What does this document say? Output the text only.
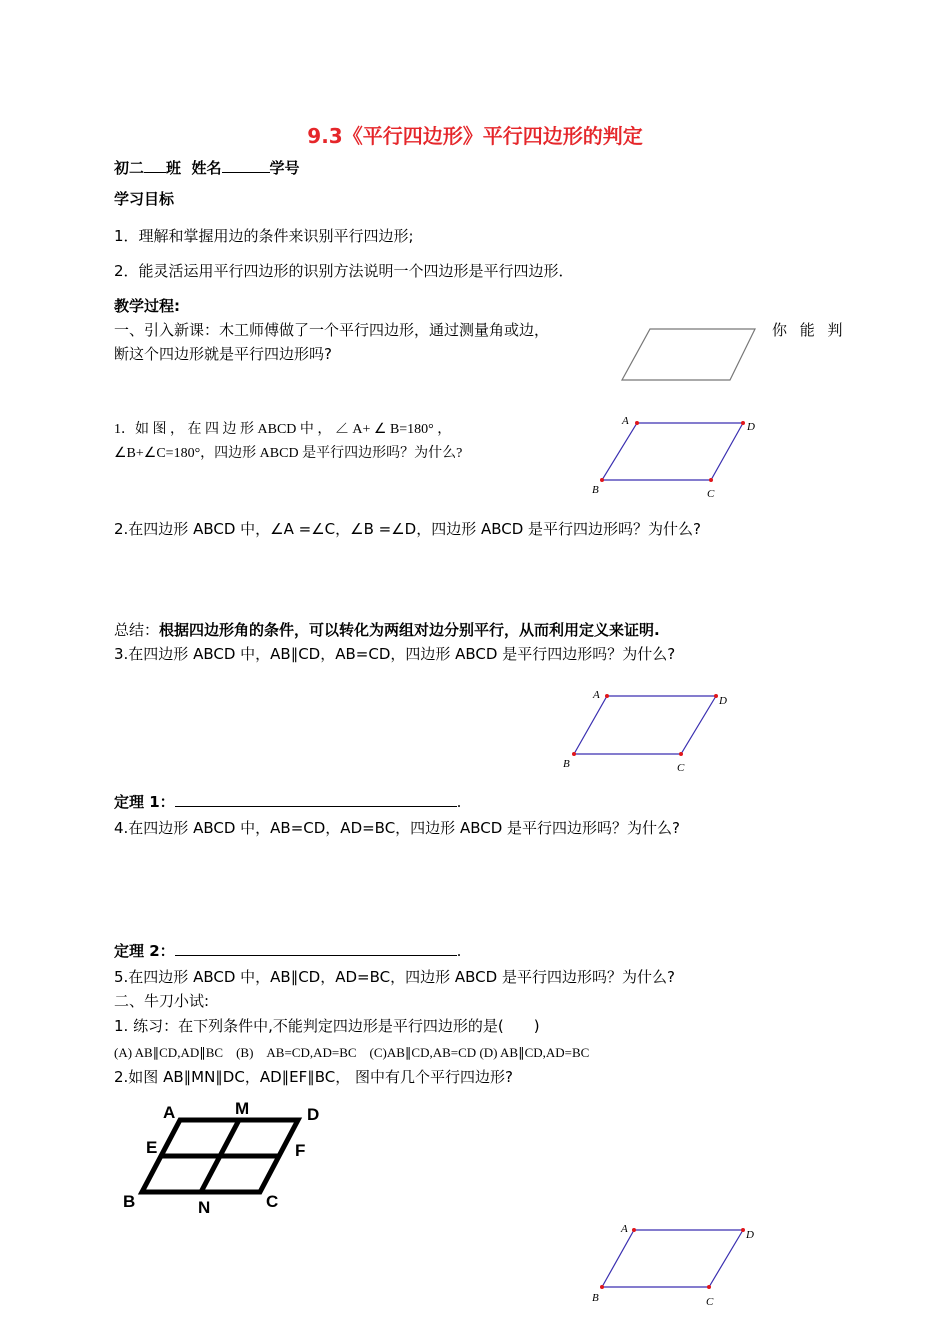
9.3《平行四边形》平行四边形的判定
初二 班 姓名	学号
学习目标
1．理解和掌握用边的条件来识别平行四边形;
2．能灵活运用平行四边形的识别方法说明一个四边形是平行四边形．
教学过程:
一、引入新课：木工师傅做了一个平行四边形，通过测量角或边，	你 能 判
断这个四边形就是平行四边形吗?
1．如 图 ， 在 四 边 形 ABCD 中 ， ∠ A+ ∠ B=180° ，
∠B+∠C=180°，四边形 ABCD 是平行四边形吗？为什么?
A	D
C
B
2.在四边形 ABCD 中，∠A =∠C，∠B =∠D，四边形 ABCD 是平行四边形吗？为什么?
总结：根据四边形角的条件，可以转化为两组对边分别平行，从而利用定义来证明.
3.在四边形 ABCD 中，AB∥CD，AB=CD，四边形 ABCD 是平行四边形吗？为什么?
A	D
C
B
定理 1：	.
4.在四边形 ABCD 中，AB=CD，AD=BC，四边形 ABCD 是平行四边形吗？为什么?
定理 2：	.
5.在四边形 ABCD 中，AB∥CD，AD=BC，四边形 ABCD 是平行四边形吗？为什么?
二、牛刀小试:
1. 练习：在下列条件中,不能判定四边形是平行四边形的是(　　)
(A) AB∥CD,AD∥BC　(B)　AB=CD,AD=BC　(C)AB∥CD,AB=CD (D) AB∥CD,AD=BC
2.如图 AB∥MN∥DC，AD∥EF∥BC， 图中有几个平行四边形?
A	M	D
E	F
B	N	C
A	D
C
B
